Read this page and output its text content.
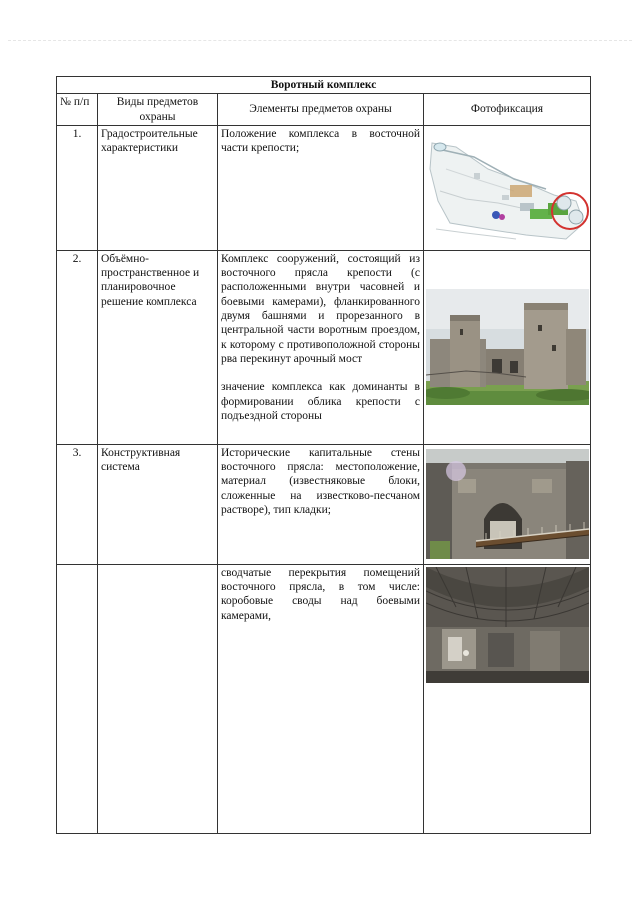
Воротный комплекс			
№ п/п	Виды предметов охраны	Элементы предметов охраны	Фотофиксация
1.	Градостроительные характеристики	Положение комплекса в восточной части крепости;	

2.	Объёмно-пространственное и планировочное решение комплекса	Комплекс сооружений, состоящий из восточного прясла крепости (с расположенными внутри часовней и боевыми камерами), фланкированного двумя башнями и прорезанного в центральной части воротным проездом, к которому с противоположной стороны рва перекинут арочный мост
значение комплекса как доминанты в формировании облика крепости с подъездной стороны	

3.	Конструктивная система	Исторические капитальные стены восточного прясла: местоположение, материал (известняковые блоки, сложенные на известково-песчаном растворе), тип кладки;	

		сводчатые перекрытия помещений восточного прясла, в том числе: коробовые своды над боевыми камерами,	
